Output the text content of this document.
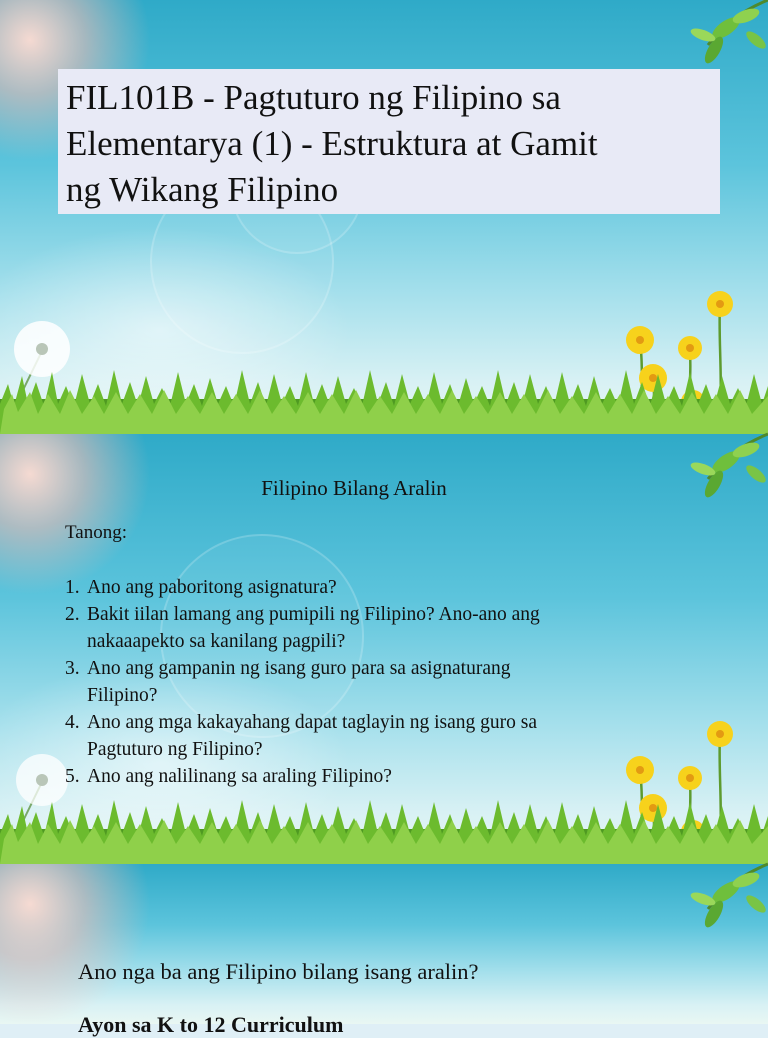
FIL101B - Pagtuturo ng Filipino sa
Elementarya (1) - Estruktura at Gamit
ng Wikang Filipino
Filipino Bilang Aralin
Tanong:
1. Ano ang paboritong asignatura?
2. Bakit iilan lamang ang pumipili ng Filipino? Ano-ano ang
nakaaapekto sa kanilang pagpili?
3. Ano ang gampanin ng isang guro para sa asignaturang
Filipino?
4. Ano ang mga kakayahang dapat taglayin ng isang guro sa
Pagtuturo ng Filipino?
5. Ano ang nalilinang sa araling Filipino?
Ano nga ba ang Filipino bilang isang aralin?
Ayon sa K to 12 Curriculum
